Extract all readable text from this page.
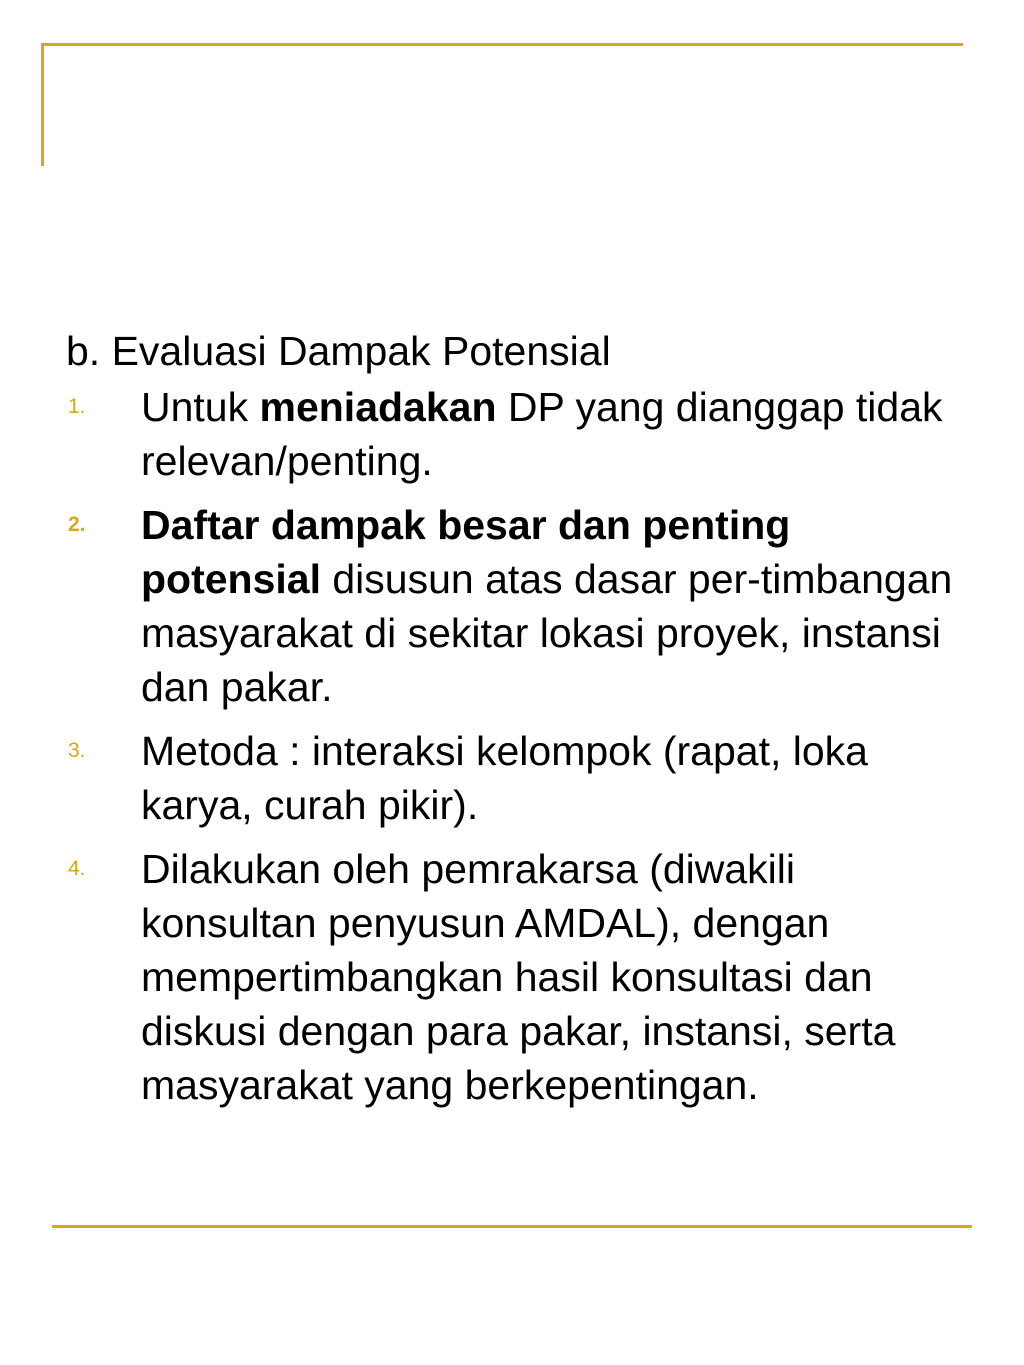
b. Evaluasi Dampak Potensial
1.	Untuk meniadakan DP yang dianggap tidak relevan/penting.
2.	Daftar dampak besar dan penting potensial disusun atas dasar per-timbangan masyarakat di sekitar lokasi proyek, instansi dan pakar.
3.	Metoda : interaksi kelompok (rapat, loka karya, curah pikir).
4.	Dilakukan oleh pemrakarsa (diwakili konsultan penyusun AMDAL), dengan mempertimbangkan hasil konsultasi dan diskusi dengan para pakar, instansi, serta masyarakat yang berkepentingan.
